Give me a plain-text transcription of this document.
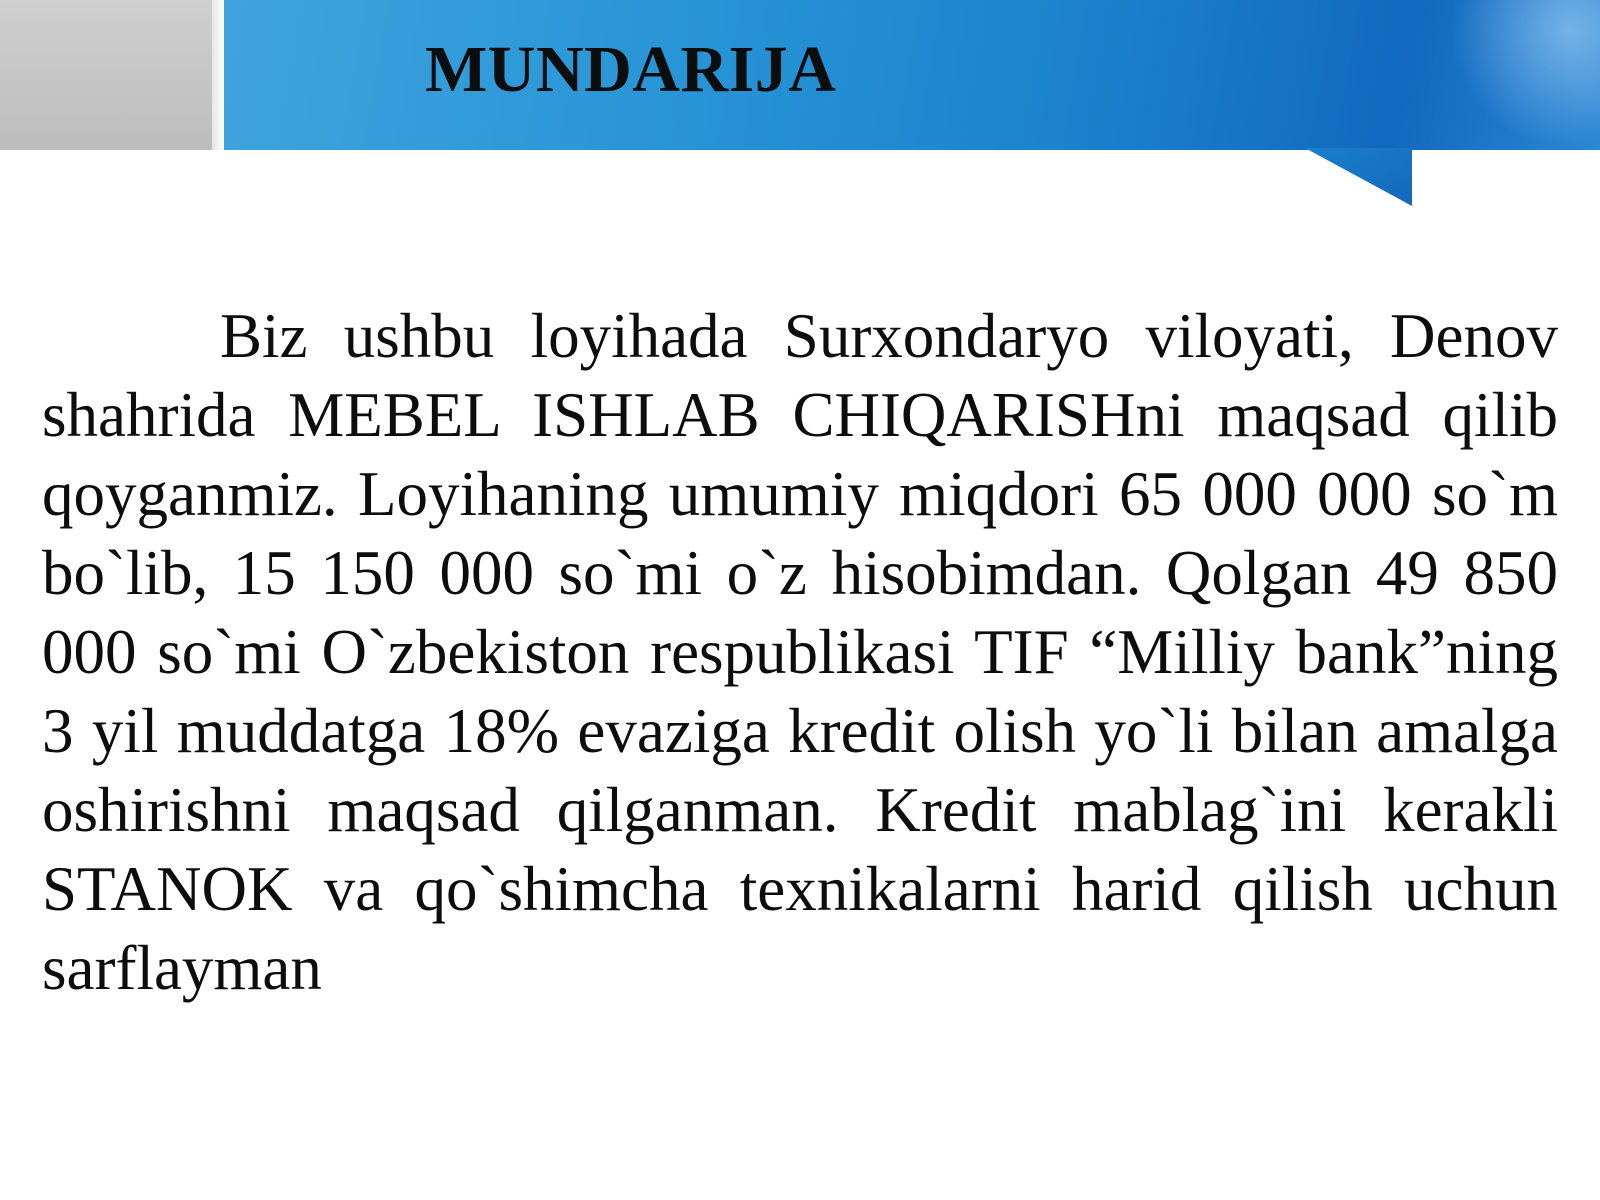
MUNDARIJA

Biz ushbu loyihada Surxondaryo viloyati, Denov shahrida MEBEL ISHLAB CHIQARISHni maqsad qilib qoyganmiz. Loyihaning umumiy miqdori 65 000 000 so`m bo`lib, 15 150 000 so`mi o`z hisobimdan. Qolgan 49 850 000 so`mi O`zbekiston respublikasi TIF “Milliy bank”ning 3 yil muddatga 18% evaziga kredit olish yo`li bilan amalga oshirishni maqsad qilganman. Kredit mablag`ini kerakli STANOK va qo`shimcha texnikalarni harid qilish uchun sarflayman
